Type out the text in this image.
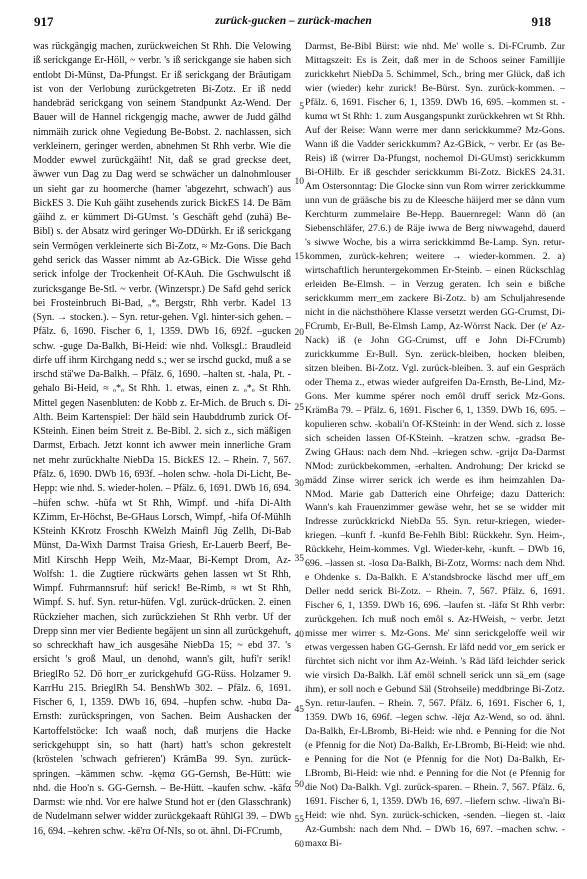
917	zurück-gucken – zurück-machen	918

was rückgängig machen, zurückweichen St Rhh. Die Velowing iß serickgange Er-Höll, ~ verbr. 's iß serickgange sie haben sich entlobt Di-Münst, Da-Pfungst. Er iß serickgang der Bräutigam ist von der Verlobung zurückgetreten Bi-Zotz. Er iß nedd handebräd serickgang von seinem Standpunkt Az-Wend. Der Bauer will de Hannel rickgengig mache, awwer de Judd gälhd nimmäih zurick ohne Vegiedung Be-Bobst. 2. nachlassen, sich verkleinern, geringer werden, abnehmen St Rhh verbr. Wie die Modder ewwel zurückgäiht! Nit, daß se grad greckse deet, äwwer vun Dag zu Dag werd se schwächer un dalnohmlouser un sieht gar zu hoomerche (hamer 'abgezehrt, schwach') aus BickES 3. Die Kuh gäiht zusehends zurick BickES 14. De Bäm gäihd z. er kümmert Di-GUmst. 's Geschäft gehd (zuhä) Be-Bibl) s. der Absatz wird geringer Wo-DDürkh. Er iß serickgang sein Vermögen verkleinerte sich Bi-Zotz, ≈ Mz-Gons. Die Bach gehd serick das Wasser nimmt ab Az-GBick. Die Wisse gehd serick infolge der Trockenheit Of-KAuh. Die Gschwulscht iß zuricksgange Be-Stl. ~ verbr. (Winzerspr.) De Safd gehd serick bei Frosteinbruch Bi-Bad, ₒ*ₒ Bergstr, Rhh verbr. Kadel 13 (Syn. → stocken.). – Syn. retur-gehen. Vgl. hinter-sich gehen. – Pfälz. 6, 1690. Fischer 6, 1, 1359. DWb 16, 692f. –gucken schw. -guge Da-Balkh, Bi-Heid: wie nhd. Volksgl.: Braudleid dirfe uff ihrm Kirchgang nedd s.; wer se irschd guckd, muß a se irschd stä'we Da-Balkh. – Pfälz. 6, 1690. –halten st. -hala, Pt. -gehalo Bi-Heid, ≈ ₒ*ₒ St Rhh. 1. etwas, einen z. ₒ*ₒ St Rhh. Mittel gegen Nasenbluten: de Kobb z. Er-Mich. de Bruch s. Di-Alth. Beim Kartenspiel: Der häld sein Haubddrumb zurick Of-KSteinh. Einen beim Streit z. Be-Bibl. 2. sich z., sich mäßigen Darmst, Erbach. Jetzt konnt ich awwer mein innerliche Gram net mehr zurückhalte NiebDa 15. BickES 12. – Rhein. 7, 567. Pfälz. 6, 1690. DWb 16, 693f. –holen schw. -hola Di-Licht, Be-Hepp: wie nhd. S. wieder-holen. – Pfälz. 6, 1691. DWb 16, 694. –hüfen schw. -hüfa wt St Rhh, Wimpf. und -hifa Di-Alth KZimm, Er-Höchst, Be-GHaus Lorsch, Wimpf, -hifa Of-Mühlh KSteinh KKrotz Froschh KWelzh Mainfl Jüg Zellh, Di-Bab Münst, Da-Wixh Darmst Traisa Griesh, Er-Lauerb Beerf, Be-Mitl Kirschh Hepp Weih, Mz-Maar, Bi-Kempt Drom, Az-Wolfsh: 1. die Zugtiere rückwärts gehen lassen wt St Rhh, Wimpf. Fuhrmannsruf: hüf serick! Be-Rimb, ≈ wt St Rhh, Wimpf. S. huf. Syn. retur-hüfen. Vgl. zurück-drücken. 2. einen Rückzieher machen, sich zurückziehen St Rhh verbr. Uf der Drepp sinn mer vier Bediente begäjent un sinn all zurückgehuft, so schreckhaft haw_ich ausgesähe NiebDa 15; ~ ebd 37. 's ersicht 's groß Maul, un denohd, wann's gilt, hufi'r serik! BrieglRo 52. Dö horr_er zurickgehufd GG-Rüss. Holzamer 9. KarrHu 215. BrieglRh 54. BenshWb 302. – Pfälz. 6, 1691. Fischer 6, 1, 1359. DWb 16, 694. –hupfen schw. -hubα Da-Ernsth: zurückspringen, von Sachen. Beim Aushacken der Kartoffelstöcke: Ich waaß noch, daß murjens die Hacke serickgehuppt sin, so hatt (hart) hatt's schon gekrestelt (kröstelen 'schwach gefrieren') KrämBa 99. Syn. zurück-springen. –kämmen schw. -kęmα GG-Gernsh, Be-Hütt: wie nhd. die Hoo'n s. GG-Gernsh. – Be-Hütt. –kaufen schw. -kāfα Darmst: wie nhd. Vor ere halwe Stund hot er (den Glasschrank) de Nudelmann selwer widder zurückgekaaft RühlGl 39. – DWb 16, 694. –kehren schw. -kē'rα Of-NIs, so ot. ähnl. Di-FCrumb,

5
10
15
20
25
30
35
40
45
50
55
60

Darmst, Be-Bibl Bürst: wie nhd. Me' wolle s. Di-FCrumb. Zur Mittagszeit: Es is Zeit, daß mer in de Schoos seiner Familljie zurickkehrt NiebDa 5. Schimmel, Sch., bring mer Glück, daß ich wier (wieder) kehr zurick! Be-Bürst. Syn. zurück-kommen. – Pfälz. 6, 1691. Fischer 6, 1, 1359. DWb 16, 695. –kommen st. -kumα wt St Rhh: 1. zum Ausgangspunkt zurückkehren wt St Rhh. Auf der Reise: Wann werre mer dann serickkumme? Mz-Gons. Wann iß die Vadder serickkumm? Az-GBick, ~ verbr. Er (as Be-Reis) iß (wirrer Da-Pfungst, nochemol Di-GUmst) serickkumm Bi-OHilb. Er iß geschder serickkumm Bi-Zotz. BickES 24.31. Am Ostersonntag: Die Glocke sinn vun Rom wirrer zerickkumme unn vun de grääsche bis zu de Kleesche häijerd mer se dånn vum Kerchturm zummelaire Be-Hepp. Bauernregel: Wann dö (an Siebenschläfer, 27.6.) de Räje iwwa de Berg niwwagehd, dauerd 's siwwe Woche, bis a wirra serickkimmd Be-Lamp. Syn. retur-kommen, zurück-kehren; weitere → wieder-kommen. 2. a) wirtschaftlich heruntergekommen Er-Steinb. – einen Rückschlag erleiden Be-Elmsh. – in Verzug geraten. Ich sein e bißche serickkumm merr_em zackere Bi-Zotz. b) am Schuljahresende nicht in die nächsthöhere Klasse versetzt werden GG-Crumst, Di-FCrumb, Er-Bull, Be-Elmsh Lamp, Az-Wörrst Nack. Der (e' Az-Nack) iß (e John GG-Crumst, uff e John Di-FCrumb) zurickkumme Er-Bull. Syn. zerück-bleiben, hocken bleiben, sitzen bleiben. Bi-Zotz. Vgl. zurück-bleiben. 3. auf ein Gespräch oder Thema z., etwas wieder aufgreifen Da-Ernsth, Be-Lind, Mz-Gons. Mer kumme spérer noch emôl druff serick Mz-Gons. KrämBa 79. – Pfälz. 6, 1691. Fischer 6, 1, 1359. DWb 16, 695. –kopulieren schw. -kobali'n Of-KSteinh: in der Wend. sich z. losse sich scheiden lassen Of-KSteinh. –kratzen schw. -gradsα Be-Zwing GHaus: nach dem Nhd. –kriegen schw. -grijα Da-Darmst NMod: zurückbekommen, -erhalten. Androhung: Der krickd se mädd Zinse wirrer serick ich werde es ihm heimzahlen Da-NMod. Marie gab Datterich eine Ohrfeige; dazu Datterich: Wann's kah Frauenzimmer gewäse wehr, het se se widder mit Indresse zurückkrickd NiebDa 55. Syn. retur-kriegen, wieder-kriegen. –kunft f. -kunfd Be-Fehlh Bibl: Rückkehr. Syn. Heim-, Rückkehr, Heim-kommes. Vgl. Wieder-kehr, -kunft. – DWb 16, 696. –lassen st. -losα Da-Balkh, Bi-Zotz, Worms: nach dem Nhd. e Ohdenke s. Da-Balkh. E A'standsbrocke läschd mer uff_em Deller nedd serick Bi-Zotz. – Rhein. 7, 567. Pfälz. 6, 1691. Fischer 6, 1, 1359. DWb 16, 696. –laufen st. -läfα St Rhh verbr: zurückgehen. Ich muß noch emôl s. Az-HWeish, ~ verbr. Jetzt misse mer wirrer s. Mz-Gons. Me' sinn serickgeloffe weil wir etwas vergessen haben GG-Gernsh. Er läfd nedd vor_em serick er fürchtet sich nicht vor ihm Az-Weinh. 's Räd läfd leichder serick wie virsich Da-Balkh. Läf emöl schnell serick unn sä_em (sage ihm), er soll noch e Gebund Säl (Strohseile) meddbringe Bi-Zotz. Syn. retur-laufen. – Rhein. 7, 567. Pfälz. 6, 1691. Fischer 6, 1, 1359. DWb 16, 696f. –legen schw. -lējα Az-Wend, so od. ähnl. Da-Balkh, Er-LBromb, Bi-Heid: wie nhd. e Penning for die Not (e Pfennig for die Not) Da-Balkh, Er-LBromb, Bi-Heid: wie nhd. e Penning for die Not (e Pfennig for die Not) Da-Balkh, Er-LBromb, Bi-Heid: wie nhd. e Penning for die Not (e Pfennig for die Not) Da-Balkh. Vgl. zurück-sparen. – Rhein. 7, 567. Pfälz. 6, 1691. Fischer 6, 1, 1359. DWb 16, 697. –liefern schw. -liwa'n Bi-Heid: wie nhd. Syn. zurück-schicken, -senden. –liegen st. -laiα Az-Gumbsh: nach dem Nhd. – DWb 16, 697. –machen schw. -maxα Bi-
